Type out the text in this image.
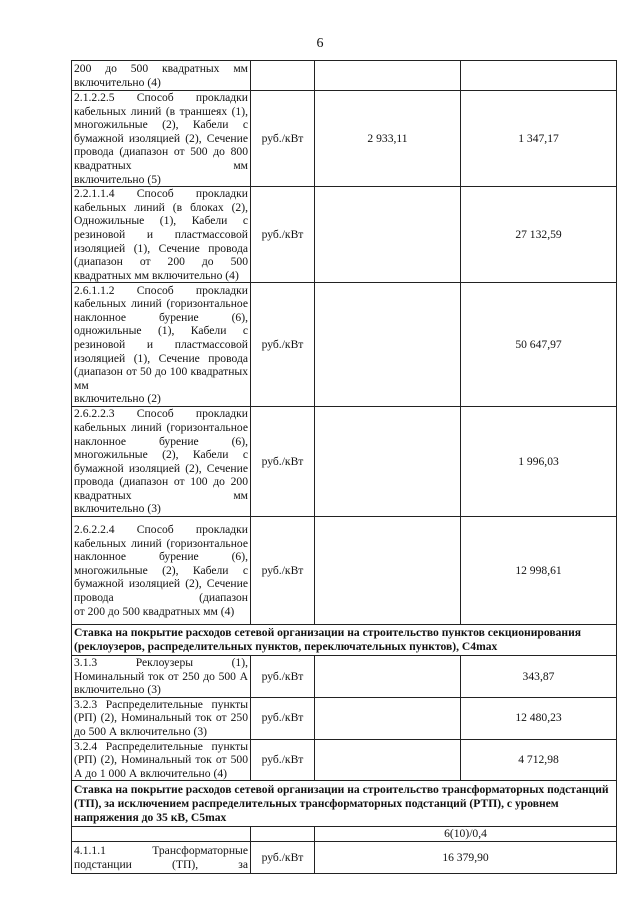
6
200 до 500 квадратных мм
включительно (4)			

2.1.2.2.5 Способ прокладки кабельных линий (в траншеях (1), многожильные (2), Кабели с бумажной изоляцией (2), Сечение провода (диапазон от 500 до 800 квадратных мм
включительно (5)	руб./кВт	2 933,11	1 347,17
2.2.1.1.4 Способ прокладки кабельных линий (в блоках (2), Одножильные (1), Кабели с резиновой и пластмассовой изоляцией (1), Сечение провода (диапазон от 200 до 500
квадратных мм включительно (4)	руб./кВт		27 132,59
2.6.1.1.2 Способ прокладки кабельных линий (горизонтальное наклонное бурение (6), одножильные (1), Кабели с резиновой и пластмассовой изоляцией (1), Сечение провода (диапазон от 50 до 100 квадратных мм
включительно (2)	руб./кВт		50 647,97
2.6.2.2.3 Способ прокладки кабельных линий (горизонтальное наклонное бурение (6), многожильные (2), Кабели с бумажной изоляцией (2), Сечение провода (диапазон от 100 до 200 квадратных мм
включительно (3)	руб./кВт		1 996,03
2.6.2.2.4 Способ прокладки кабельных линий (горизонтальное наклонное бурение (6), многожильные (2), Кабели с бумажной изоляцией (2), Сечение провода (диапазон
от 200 до 500 квадратных мм (4)	руб./кВт		12 998,61
Ставка на покрытие расходов сетевой организации на строительство пунктов секционирования (реклоузеров, распределительных пунктов, переключательных пунктов), С4max			
3.1.3 Реклоузеры (1), Номинальный ток от 250 до 500 А
включительно (3)	руб./кВт		343,87
3.2.3 Распределительные пункты (РП) (2), Номинальный ток от 250
до 500 А включительно (3)	руб./кВт		12 480,23
3.2.4 Распределительные пункты (РП) (2), Номинальный ток от 500
А до 1 000 А включительно (4)	руб./кВт		4 712,98
Ставка на покрытие расходов сетевой организации на строительство трансформаторных подстанций (ТП), за исключением распределительных трансформаторных подстанций (РТП), с уровнем напряжения до 35 кВ, С5max			
		6(10)/0,4	
4.1.1.1 Трансформаторные подстанции (ТП), за	руб./кВт	16 379,90	
